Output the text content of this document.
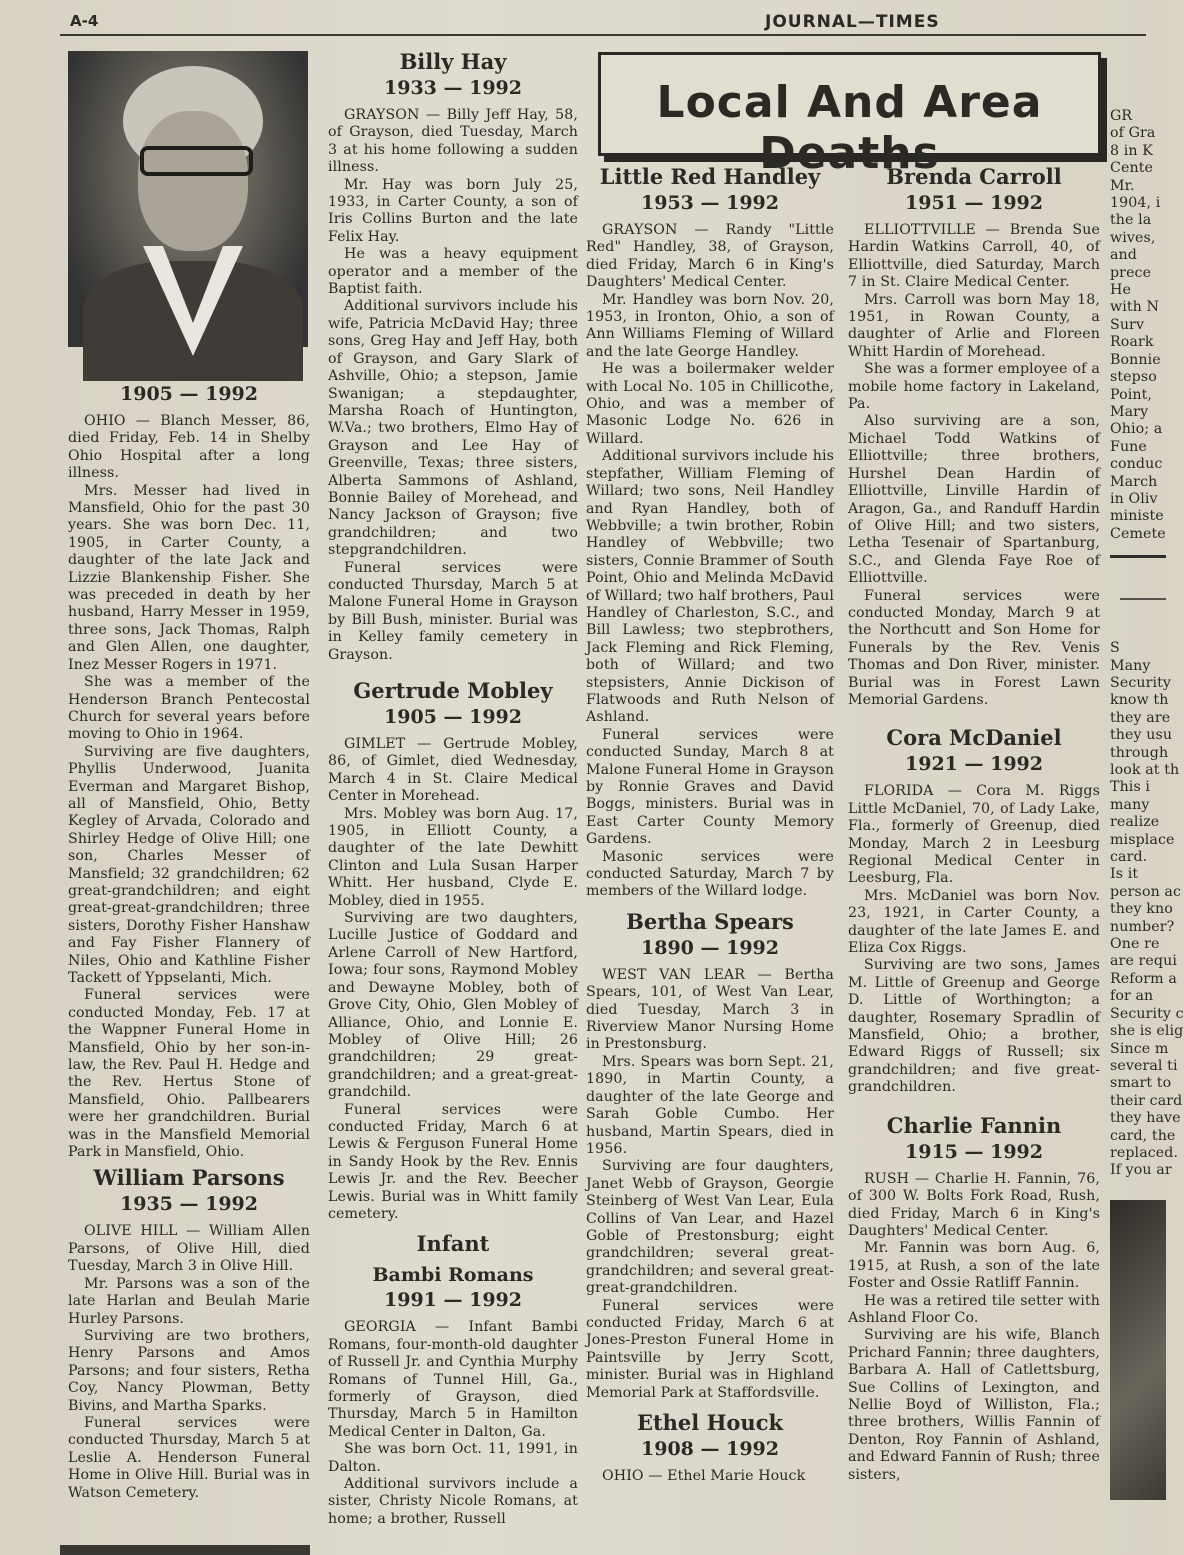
A-4	JOURNAL—TIMES
Local And Area Deaths
1905 — 1992

OHIO — Blanch Messer, 86, died Friday, Feb. 14 in Shelby Ohio Hospital after a long illness.

Mrs. Messer had lived in Mansfield, Ohio for the past 30 years. She was born Dec. 11, 1905, in Carter County, a daughter of the late Jack and Lizzie Blankenship Fisher. She was preceded in death by her husband, Harry Messer in 1959, three sons, Jack Thomas, Ralph and Glen Allen, one daughter, Inez Messer Rogers in 1971.

She was a member of the Henderson Branch Pentecostal Church for several years before moving to Ohio in 1964.

Surviving are five daughters, Phyllis Underwood, Juanita Everman and Margaret Bishop, all of Mansfield, Ohio, Betty Kegley of Arvada, Colorado and Shirley Hedge of Olive Hill; one son, Charles Messer of Mansfield; 32 grandchildren; 62 great-grandchildren; and eight great-great-grandchildren; three sisters, Dorothy Fisher Hanshaw and Fay Fisher Flannery of Niles, Ohio and Kathline Fisher Tackett of Yppselanti, Mich.

Funeral services were conducted Monday, Feb. 17 at the Wappner Funeral Home in Mansfield, Ohio by her son-in-law, the Rev. Paul H. Hedge and the Rev. Hertus Stone of Mansfield, Ohio. Pallbearers were her grandchildren. Burial was in the Mansfield Memorial Park in Mansfield, Ohio.

William Parsons
1935 — 1992

OLIVE HILL — William Allen Parsons, of Olive Hill, died Tuesday, March 3 in Olive Hill.

Mr. Parsons was a son of the late Harlan and Beulah Marie Hurley Parsons.

Surviving are two brothers, Henry Parsons and Amos Parsons; and four sisters, Retha Coy, Nancy Plowman, Betty Bivins, and Martha Sparks.

Funeral services were conducted Thursday, March 5 at Leslie A. Henderson Funeral Home in Olive Hill. Burial was in Watson Cemetery.

Billy Hay
1933 — 1992

GRAYSON — Billy Jeff Hay, 58, of Grayson, died Tuesday, March 3 at his home following a sudden illness.

Mr. Hay was born July 25, 1933, in Carter County, a son of Iris Collins Burton and the late Felix Hay.

He was a heavy equipment operator and a member of the Baptist faith.

Additional survivors include his wife, Patricia McDavid Hay; three sons, Greg Hay and Jeff Hay, both of Grayson, and Gary Slark of Ashville, Ohio; a stepson, Jamie Swanigan; a stepdaughter, Marsha Roach of Huntington, W.Va.; two brothers, Elmo Hay of Grayson and Lee Hay of Greenville, Texas; three sisters, Alberta Sammons of Ashland, Bonnie Bailey of Morehead, and Nancy Jackson of Grayson; five grandchildren; and two stepgrandchildren.

Funeral services were conducted Thursday, March 5 at Malone Funeral Home in Grayson by Bill Bush, minister. Burial was in Kelley family cemetery in Grayson.

Gertrude Mobley
1905 — 1992

GIMLET — Gertrude Mobley, 86, of Gimlet, died Wednesday, March 4 in St. Claire Medical Center in Morehead.

Mrs. Mobley was born Aug. 17, 1905, in Elliott County, a daughter of the late Dewhitt Clinton and Lula Susan Harper Whitt. Her husband, Clyde E. Mobley, died in 1955.

Surviving are two daughters, Lucille Justice of Goddard and Arlene Carroll of New Hartford, Iowa; four sons, Raymond Mobley and Dewayne Mobley, both of Grove City, Ohio, Glen Mobley of Alliance, Ohio, and Lonnie E. Mobley of Olive Hill; 26 grandchildren; 29 great-grandchildren; and a great-great-grandchild.

Funeral services were conducted Friday, March 6 at Lewis & Ferguson Funeral Home in Sandy Hook by the Rev. Ennis Lewis Jr. and the Rev. Beecher Lewis. Burial was in Whitt family cemetery.

Infant
Bambi Romans
1991 — 1992

GEORGIA — Infant Bambi Romans, four-month-old daughter of Russell Jr. and Cynthia Murphy Romans of Tunnel Hill, Ga., formerly of Grayson, died Thursday, March 5 in Hamilton Medical Center in Dalton, Ga.

She was born Oct. 11, 1991, in Dalton.

Additional survivors include a sister, Christy Nicole Romans, at home; a brother, Russell

Little Red Handley
1953 — 1992

GRAYSON — Randy "Little Red" Handley, 38, of Grayson, died Friday, March 6 in King's Daughters' Medical Center.

Mr. Handley was born Nov. 20, 1953, in Ironton, Ohio, a son of Ann Williams Fleming of Willard and the late George Handley.

He was a boilermaker welder with Local No. 105 in Chillicothe, Ohio, and was a member of Masonic Lodge No. 626 in Willard.

Additional survivors include his stepfather, William Fleming of Willard; two sons, Neil Handley and Ryan Handley, both of Webbville; a twin brother, Robin Handley of Webbville; two sisters, Connie Brammer of South Point, Ohio and Melinda McDavid of Willard; two half brothers, Paul Handley of Charleston, S.C., and Bill Lawless; two stepbrothers, Jack Fleming and Rick Fleming, both of Willard; and two stepsisters, Annie Dickison of Flatwoods and Ruth Nelson of Ashland.

Funeral services were conducted Sunday, March 8 at Malone Funeral Home in Grayson by Ronnie Graves and David Boggs, ministers. Burial was in East Carter County Memory Gardens.

Masonic services were conducted Saturday, March 7 by members of the Willard lodge.

Bertha Spears
1890 — 1992

WEST VAN LEAR — Bertha Spears, 101, of West Van Lear, died Tuesday, March 3 in Riverview Manor Nursing Home in Prestonsburg.

Mrs. Spears was born Sept. 21, 1890, in Martin County, a daughter of the late George and Sarah Goble Cumbo. Her husband, Martin Spears, died in 1956.

Surviving are four daughters, Janet Webb of Grayson, Georgie Steinberg of West Van Lear, Eula Collins of Van Lear, and Hazel Goble of Prestonsburg; eight grandchildren; several great-grandchildren; and several great-great-grandchildren.

Funeral services were conducted Friday, March 6 at Jones-Preston Funeral Home in Paintsville by Jerry Scott, minister. Burial was in Highland Memorial Park at Staffordsville.

Ethel Houck
1908 — 1992

OHIO — Ethel Marie Houck

Brenda Carroll
1951 — 1992

ELLIOTTVILLE — Brenda Sue Hardin Watkins Carroll, 40, of Elliottville, died Saturday, March 7 in St. Claire Medical Center.

Mrs. Carroll was born May 18, 1951, in Rowan County, a daughter of Arlie and Floreen Whitt Hardin of Morehead.

She was a former employee of a mobile home factory in Lakeland, Pa.

Also surviving are a son, Michael Todd Watkins of Elliottville; three brothers, Hurshel Dean Hardin of Elliottville, Linville Hardin of Aragon, Ga., and Randuff Hardin of Olive Hill; and two sisters, Letha Tesenair of Spartanburg, S.C., and Glenda Faye Roe of Elliottville.

Funeral services were conducted Monday, March 9 at the Northcutt and Son Home for Funerals by the Rev. Venis Thomas and Don River, minister. Burial was in Forest Lawn Memorial Gardens.

Cora McDaniel
1921 — 1992

FLORIDA — Cora M. Riggs Little McDaniel, 70, of Lady Lake, Fla., formerly of Greenup, died Monday, March 2 in Leesburg Regional Medical Center in Leesburg, Fla.

Mrs. McDaniel was born Nov. 23, 1921, in Carter County, a daughter of the late James E. and Eliza Cox Riggs.

Surviving are two sons, James M. Little of Greenup and George D. Little of Worthington; a daughter, Rosemary Spradlin of Mansfield, Ohio; a brother, Edward Riggs of Russell; six grandchildren; and five great-grandchildren.

Charlie Fannin
1915 — 1992

RUSH — Charlie H. Fannin, 76, of 300 W. Bolts Fork Road, Rush, died Friday, March 6 in King's Daughters' Medical Center.

Mr. Fannin was born Aug. 6, 1915, at Rush, a son of the late Foster and Ossie Ratliff Fannin.

He was a retired tile setter with Ashland Floor Co.

Surviving are his wife, Blanch Prichard Fannin; three daughters, Barbara A. Hall of Catlettsburg, Sue Collins of Lexington, and Nellie Boyd of Williston, Fla.; three brothers, Willis Fannin of Denton, Roy Fannin of Ashland, and Edward Fannin of Rush; three sisters,

GR

of Gra

8 in K

Cente

Mr.

1904, i

the la

wives,

and

prece

He

with N

Surv

Roark

Bonnie

stepso

Point,

Mary

Ohio; a

Fune

conduc

March

in Oliv

ministe

Cemete

S

Many

Security

know th

they are

they usu

through

look at th

This i

many

realize

misplace

card.

Is it

person ac

they kno

number?

One re

are requi

Reform a

for an

Security c

she is elig

Since m

several ti

smart to

their card

they have

card, the

replaced.

If you ar
